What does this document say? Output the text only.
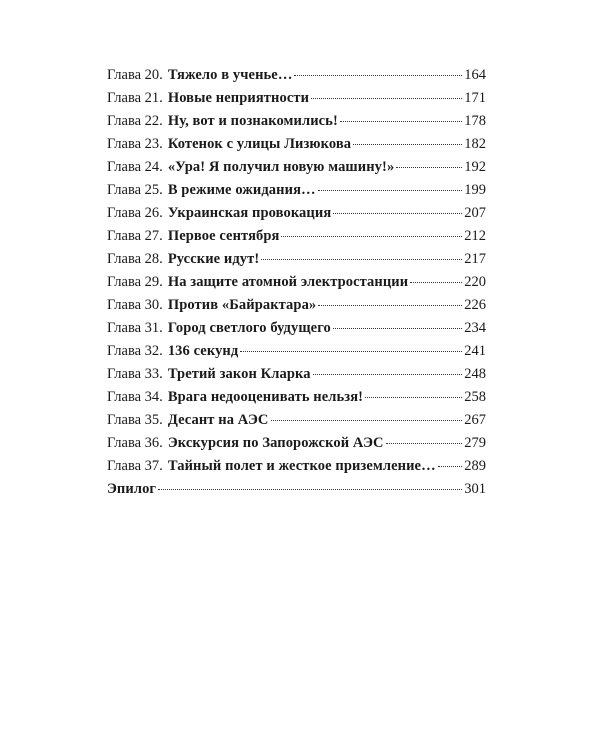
Глава 20. Тяжело в ученье…	164
Глава 21. Новые неприятности	171
Глава 22. Ну, вот и познакомились!	178
Глава 23. Котенок с улицы Лизюкова	182
Глава 24. «Ура! Я получил новую машину!»	192
Глава 25. В режиме ожидания…	199
Глава 26. Украинская провокация	207
Глава 27. Первое сентября	212
Глава 28. Русские идут!	217
Глава 29. На защите атомной электростанции	220
Глава 30. Против «Байрактара»	226
Глава 31. Город светлого будущего	234
Глава 32. 136 секунд	241
Глава 33. Третий закон Кларка	248
Глава 34. Врага недооценивать нельзя!	258
Глава 35. Десант на АЭС	267
Глава 36. Экскурсия по Запорожской АЭС	279
Глава 37. Тайный полет и жесткое приземление… 289
Эпилог	301
